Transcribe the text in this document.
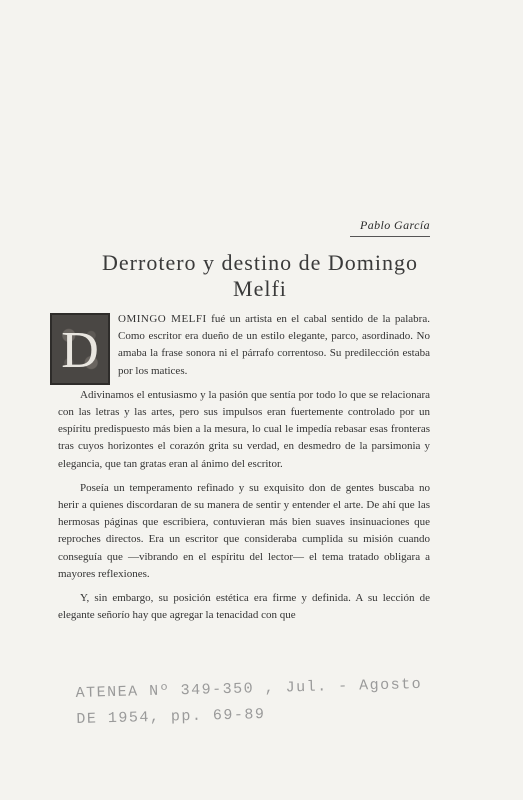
Pablo García
Derrotero y destino de Domingo
Melfi

D
OMINGO MELFI fué un artista en el cabal sentido de la palabra. Como escritor era dueño de un estilo elegante, parco, asordinado. No amaba la frase sonora ni el párrafo correntoso. Su predilección estaba por los matices.

Adivinamos el entusiasmo y la pasión que sentía por todo lo que se relacionara con las letras y las artes, pero sus impulsos eran fuertemente controlado por un espíritu predispuesto más bien a la mesura, lo cual le impedía rebasar esas fronteras tras cuyos horizontes el corazón grita su verdad, en desmedro de la parsimonia y elegancia, que tan gratas eran al ánimo del escritor.

Poseía un temperamento refinado y su exquisito don de gentes buscaba no herir a quienes discordaran de su manera de sentir y entender el arte. De ahí que las hermosas páginas que escribiera, contuvieran más bien suaves insinuaciones que reproches directos. Era un escritor que consideraba cumplida su misión cuando conseguía que —vibrando en el espíritu del lector— el tema tratado obligara a mayores reflexiones.

Y, sin embargo, su posición estética era firme y definida. A su lección de elegante señorío hay que agregar la tenacidad con que

ATENEA Nº 349-350 , Jul. - Agosto
DE 1954, pp. 69-89
